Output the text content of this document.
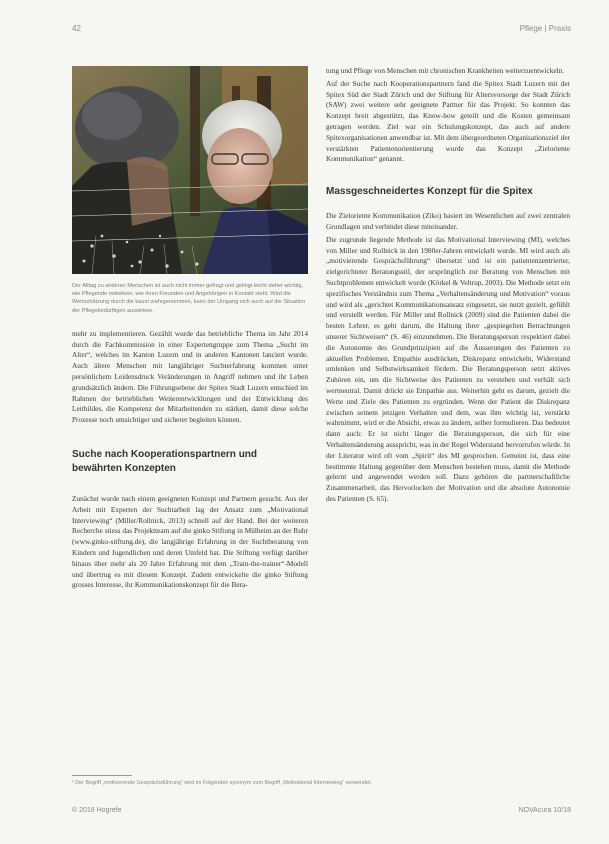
42	Pflege | Praxis
Der Alltag zu anderen Menschen ist auch nicht immer gefragt und gelingt leicht daher wichtig, wie Pflegende mitwirken, wie ihren Freunden und Angehörigen in Kontakt steht. Wird die Wertschätzung durch die kaum wahrgenommen, kann der Umgang sich auch auf die Situation der Pflegebedürftigen auswirken.

mehr zu implementieren. Gezählt wurde das betriebliche Thema im Jahr 2014 durch die Fachkommission in einer Expertengruppe zum Thema „Sucht im Alter“, welches im Kanton Luzern und in anderen Kantonen lanciert wurde. Auch ältere Menschen mit langjähriger Suchterfahrung kommen unter persönlichem Leidensdruck Veränderungen in Angriff nehmen und ihr Leben grundsätzlich ändern. Die Führungsebene der Spitex Stadt Luzern entschied im Rahmen der betrieblichen Weiterentwicklungen und der Entwicklung des Leitbildes, die Kompetenz der Mitarbeitenden zu stärken, damit diese solche Prozesse noch umsichtiger und sicherer begleiten können.

Suche nach Kooperationspartnern und bewährten Konzepten

Zunächst wurde nach einem geeigneten Konzept und Partnern gesucht. Aus der Arbeit mit Experten der Suchtarbeit lag der Ansatz zum „Motivational Interviewing“ (Miller/Rollnick, 2013) schnell auf der Hand. Bei der weiteren Recherche stiess das Projektteam auf die ginko Stiftung in Mülheim an der Ruhr (www.ginko-stiftung.de), die langjährige Erfahrung in der Suchtberatung von Kindern und Jugendlichen und deren Umfeld hat. Die Stiftung verfügt darüber hinaus über mehr als 20 Jahre Erfahrung mit dem „Train-the-trainer“-Modell und übertrug es mit diesem Konzept. Zudem entwickelte die ginko Stiftung grosses Interesse, ihr Kommunikationskonzept für die Bera-

tung und Pflege von Menschen mit chronischen Krankheiten weiterzuentwickeln.

Auf der Suche nach Kooperationspartnern fand die Spitex Stadt Luzern mit der Spitex Süd der Stadt Zürich und der Stiftung für Altersvorsorge der Stadt Zürich (SAW) zwei weitere sehr geeignete Partner für das Projekt. So konnten das Konzept breit abgestützt, das Know-how geteilt und die Kosten gemeinsam getragen werden. Ziel war ein Schulungskonzept, das auch auf andere Spitexorganisationen anwendbar ist. Mit dem übergeordneten Organisationsziel der verstärkten Patientenorientierung wurde das Konzept „Zieloriente Kommunikation“ genannt.

Massgeschneidertes Konzept für die Spitex

Die Zieloriente Kommunikation (Ziko) basiert im Wesentlichen auf zwei zentralen Grundlagen und verbindet diese miteinander.

Die zugrunde liegende Methode ist das Motivational Interviewing (MI), welches von Miller und Rollnick in den 1980er-Jahren entwickelt wurde. MI wird auch als „motivierende Gesprächsführung“ übersetzt und ist ein patientenzentrierter, zielgerichteter Beratungsstil, der ursprünglich zur Beratung von Menschen mit Suchtproblemen entwickelt wurde (Körkel & Veltrup, 2003). Die Methode setzt ein spezifisches Verständnis zum Thema „Verhaltensänderung und Motivation“ voraus und wird als „gerichtet Kommunikationsansatz eingesetzt, sie nutzt gezielt, gefühlt und verstellt werden. Für Miller und Rollnick (2009) sind die Patienten dabei die besten Lehrer, es geht darum, die Haltung ihrer „gespiegelten Betrachtungen unserer Sichtweisen“ (S. 46) einzunehmen. Die Beratungsperson respektiert dabei die Autonomie des Grundprinzipien auf die Äusserungen des Patienten zu aktuellen Problemen. Empathie ausdrücken, Diskrepanz entwickeln, Widerstand umlenken und Selbstwirksamkeit fördern. Die Beratungsperson setzt aktives Zuhören ein, um die Sichtweise des Patienten zu verstehen und verhält sich wertneutral. Damit drückt sie Empathie aus. Weiterhin geht es darum, gezielt die Werte und Ziele des Patienten zu ergründen. Wenn der Patient die Diskrepanz zwischen seinem jetzigen Verhalten und dem, was ihm wichtig ist, verstärkt wahrnimmt, wird er die Absicht, etwas zu ändern, selber formulieren. Das bedeutet dann auch: Er ist nicht länger die Beratungsperson, die sich für eine Verhaltensänderung ausspricht, was in der Regel Widerstand hervorrufen würde. In der Literatur wird oft vom „Spirit“ des MI gesprochen. Gemeint ist, dass eine bestimmte Haltung gegenüber dem Menschen bestehen muss, damit die Methode gelernt und angewendet werden soll. Dazu gehören die partnerschaftliche Zusammenarbeit, das Hervorlocken der Motivation und die absolute Autonomie des Patienten (S. 65).

¹ Der Begriff „motivierende Gesprächsführung“ wird im Folgenden synonym zum Begriff „Motivational Interviewing“ verwendet.
© 2018 Hogrefe	NOVAcura 10/18
